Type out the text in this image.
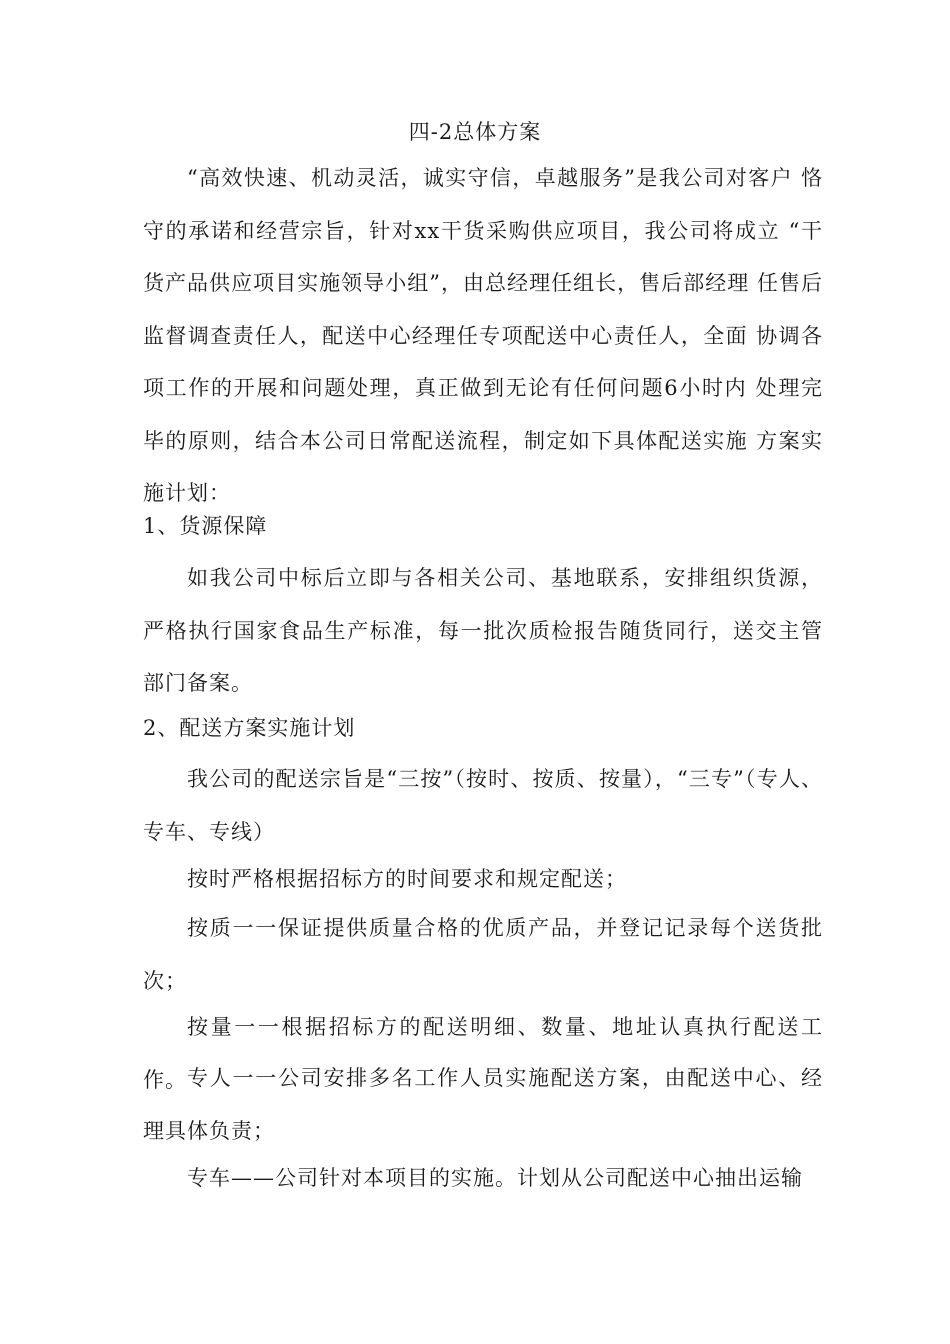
四-2总体方案

“高效快速、机动灵活，诚实守信，卓越服务”是我公司对客户 恪守的承诺和经营宗旨，针对xx干货采购供应项目，我公司将成立 “干货产品供应项目实施领导小组”，由总经理任组长，售后部经理 任售后监督调查责任人，配送中心经理任专项配送中心责任人，全面 协调各项工作的开展和问题处理，真正做到无论有任何问题6小时内 处理完毕的原则，结合本公司日常配送流程，制定如下具体配送实施 方案实施计划：

1、货源保障

如我公司中标后立即与各相关公司、基地联系，安排组织货源， 严格执行国家食品生产标准，每一批次质检报告随货同行，送交主管 部门备案。

2、配送方案实施计划

我公司的配送宗旨是“三按”（按时、按质、按量），“三专”（专人、专车、专线）

按时严格根据招标方的时间要求和规定配送；

按质一一保证提供质量合格的优质产品，并登记记录每个送货批次；

按量一一根据招标方的配送明细、数量、地址认真执行配送工作。 专人一一公司安排多名工作人员实施配送方案，由配送中心、经理具体负责；

专车——公司针对本项目的实施。计划从公司配送中心抽出运输
